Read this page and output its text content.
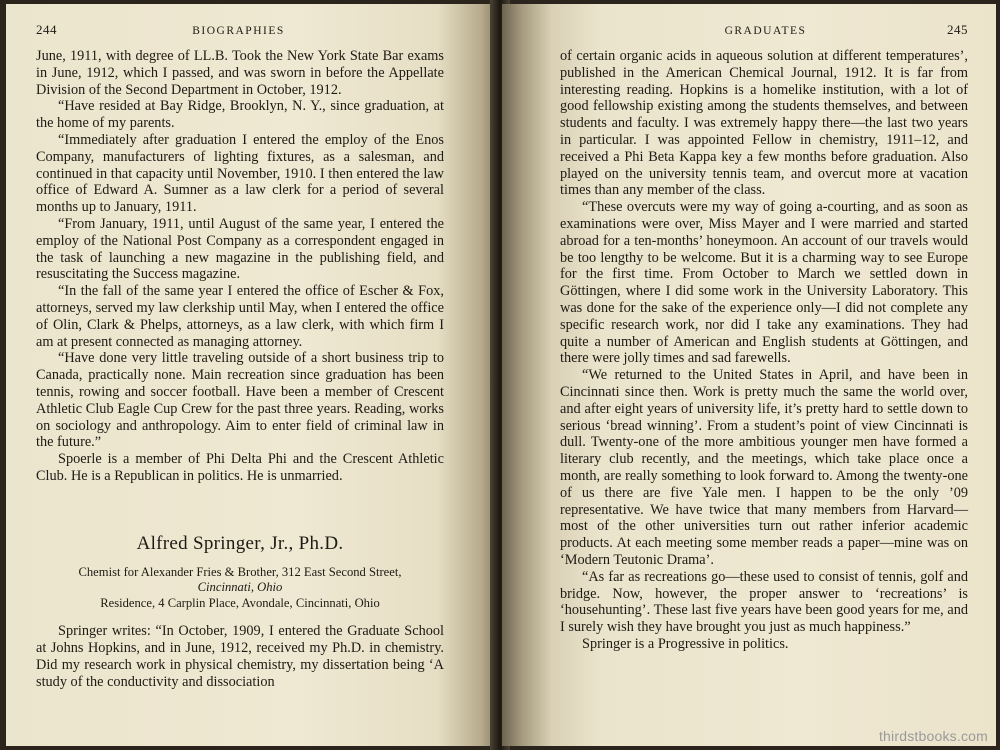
244	BIOGRAPHIES

June, 1911, with degree of LL.B. Took the New York State Bar exams in June, 1912, which I passed, and was sworn in before the Appellate Division of the Second Department in October, 1912.

“Have resided at Bay Ridge, Brooklyn, N. Y., since graduation, at the home of my parents.

“Immediately after graduation I entered the employ of the Enos Company, manufacturers of lighting fixtures, as a salesman, and continued in that capacity until November, 1910. I then entered the law office of Edward A. Sumner as a law clerk for a period of several months up to January, 1911.

“From January, 1911, until August of the same year, I entered the employ of the National Post Company as a correspondent engaged in the task of launching a new magazine in the publishing field, and resuscitating the Success magazine.

“In the fall of the same year I entered the office of Escher & Fox, attorneys, served my law clerkship until May, when I entered the office of Olin, Clark & Phelps, attorneys, as a law clerk, with which firm I am at present connected as managing attorney.

“Have done very little traveling outside of a short business trip to Canada, practically none. Main recreation since graduation has been tennis, rowing and soccer football. Have been a member of Crescent Athletic Club Eagle Cup Crew for the past three years. Reading, works on sociology and anthropology. Aim to enter field of criminal law in the future.”

Spoerle is a member of Phi Delta Phi and the Crescent Athletic Club. He is a Republican in politics. He is unmarried.

Alfred Springer, Jr., Ph.D.
Chemist for Alexander Fries & Brother, 312 East Second Street,
Cincinnati, Ohio
Residence, 4 Carplin Place, Avondale, Cincinnati, Ohio

Springer writes: “In October, 1909, I entered the Graduate School at Johns Hopkins, and in June, 1912, received my Ph.D. in chemistry. Did my research work in physical chemistry, my dissertation being ‘A study of the conductivity and dissociation

GRADUATES	245

of certain organic acids in aqueous solution at different temperatures’, published in the American Chemical Journal, 1912. It is far from interesting reading. Hopkins is a homelike institution, with a lot of good fellowship existing among the students themselves, and between students and faculty. I was extremely happy there—the last two years in particular. I was appointed Fellow in chemistry, 1911–12, and received a Phi Beta Kappa key a few months before graduation. Also played on the university tennis team, and overcut more at vacation times than any member of the class.

“These overcuts were my way of going a-courting, and as soon as examinations were over, Miss Mayer and I were married and started abroad for a ten-months’ honeymoon. An account of our travels would be too lengthy to be welcome. But it is a charming way to see Europe for the first time. From October to March we settled down in Göttingen, where I did some work in the University Laboratory. This was done for the sake of the experience only—I did not complete any specific research work, nor did I take any examinations. They had quite a number of American and English students at Göttingen, and there were jolly times and sad farewells.

“We returned to the United States in April, and have been in Cincinnati since then. Work is pretty much the same the world over, and after eight years of university life, it’s pretty hard to settle down to serious ‘bread winning’. From a student’s point of view Cincinnati is dull. Twenty-one of the more ambitious younger men have formed a literary club recently, and the meetings, which take place once a month, are really something to look forward to. Among the twenty-one of us there are five Yale men. I happen to be the only ’09 representative. We have twice that many members from Harvard—most of the other universities turn out rather inferior academic products. At each meeting some member reads a paper—mine was on ‘Modern Teutonic Drama’.

“As far as recreations go—these used to consist of tennis, golf and bridge. Now, however, the proper answer to ‘recreations’ is ‘househunting’. These last five years have been good years for me, and I surely wish they have brought you just as much happiness.”

Springer is a Progressive in politics.

thirdstbooks.com
